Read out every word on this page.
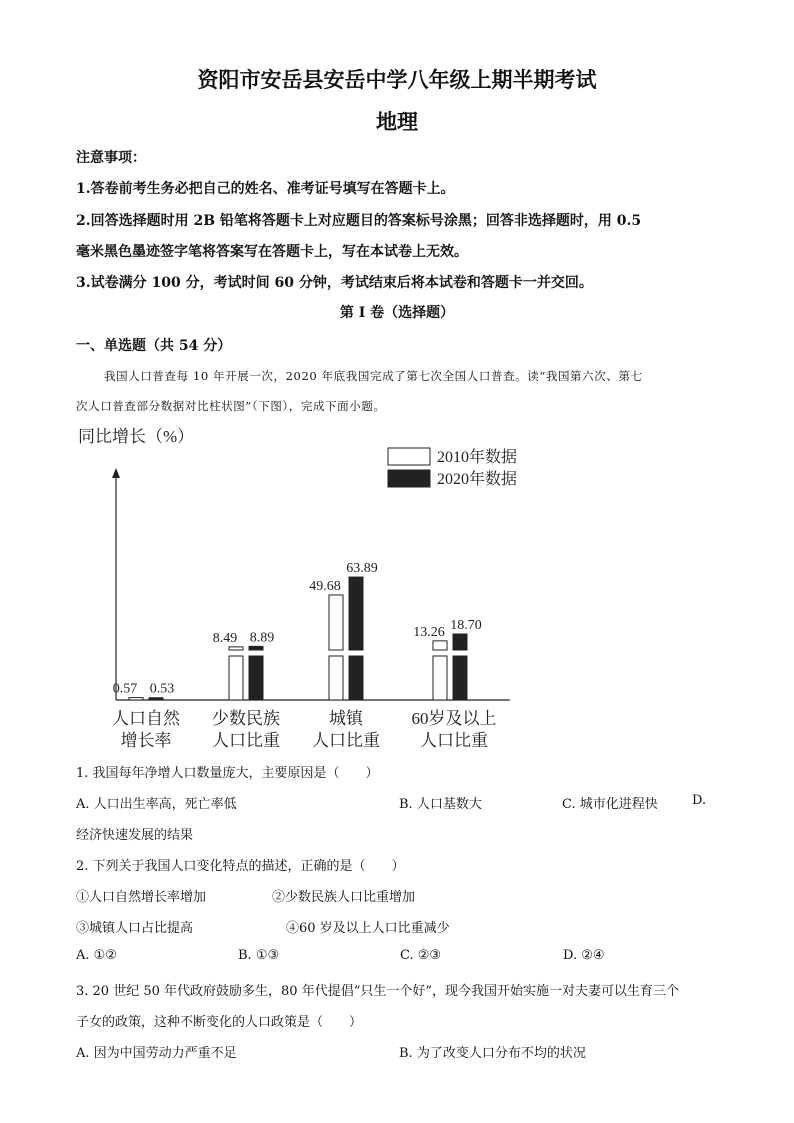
资阳市安岳县安岳中学八年级上期半期考试
地理
注意事项：
1.答卷前考生务必把自己的姓名、准考证号填写在答题卡上。
2.回答选择题时用 2B 铅笔将答题卡上对应题目的答案标号涂黑；回答非选择题时，用 0.5
毫米黑色墨迹签字笔将答案写在答题卡上，写在本试卷上无效。
3.试卷满分 100 分，考试时间 60 分钟，考试结束后将本试卷和答题卡一并交回。
第 I 卷（选择题）
一、单选题（共 54 分）
我国人口普查每 10 年开展一次，2020 年底我国完成了第七次全国人口普查。读“我国第六次、第七
次人口普查部分数据对比柱状图”（下图），完成下面小题。
同比增长（%）
2010年数据
2020年数据
0.57 0.53
人口自然
增长率
8.49 8.89
少数民族
人口比重
49.68
63.89
城镇
人口比重
13.26 18.70
60岁及以上
人口比重
1. 我国每年净增人口数量庞大，主要原因是（　　）
A. 人口出生率高，死亡率低	B. 人口基数大	C. 城市化进程快	D.
经济快速发展的结果
2. 下列关于我国人口变化特点的描述，正确的是（　　）
①人口自然增长率增加	②少数民族人口比重增加
③城镇人口占比提高	④60 岁及以上人口比重减少
A. ①②	B. ①③	C. ②③	D. ②④
3. 20 世纪 50 年代政府鼓励多生，80 年代提倡“只生一个好”，现今我国开始实施一对夫妻可以生育三个
子女的政策，这种不断变化的人口政策是（　　）
A. 因为中国劳动力严重不足	B. 为了改变人口分布不均的状况
